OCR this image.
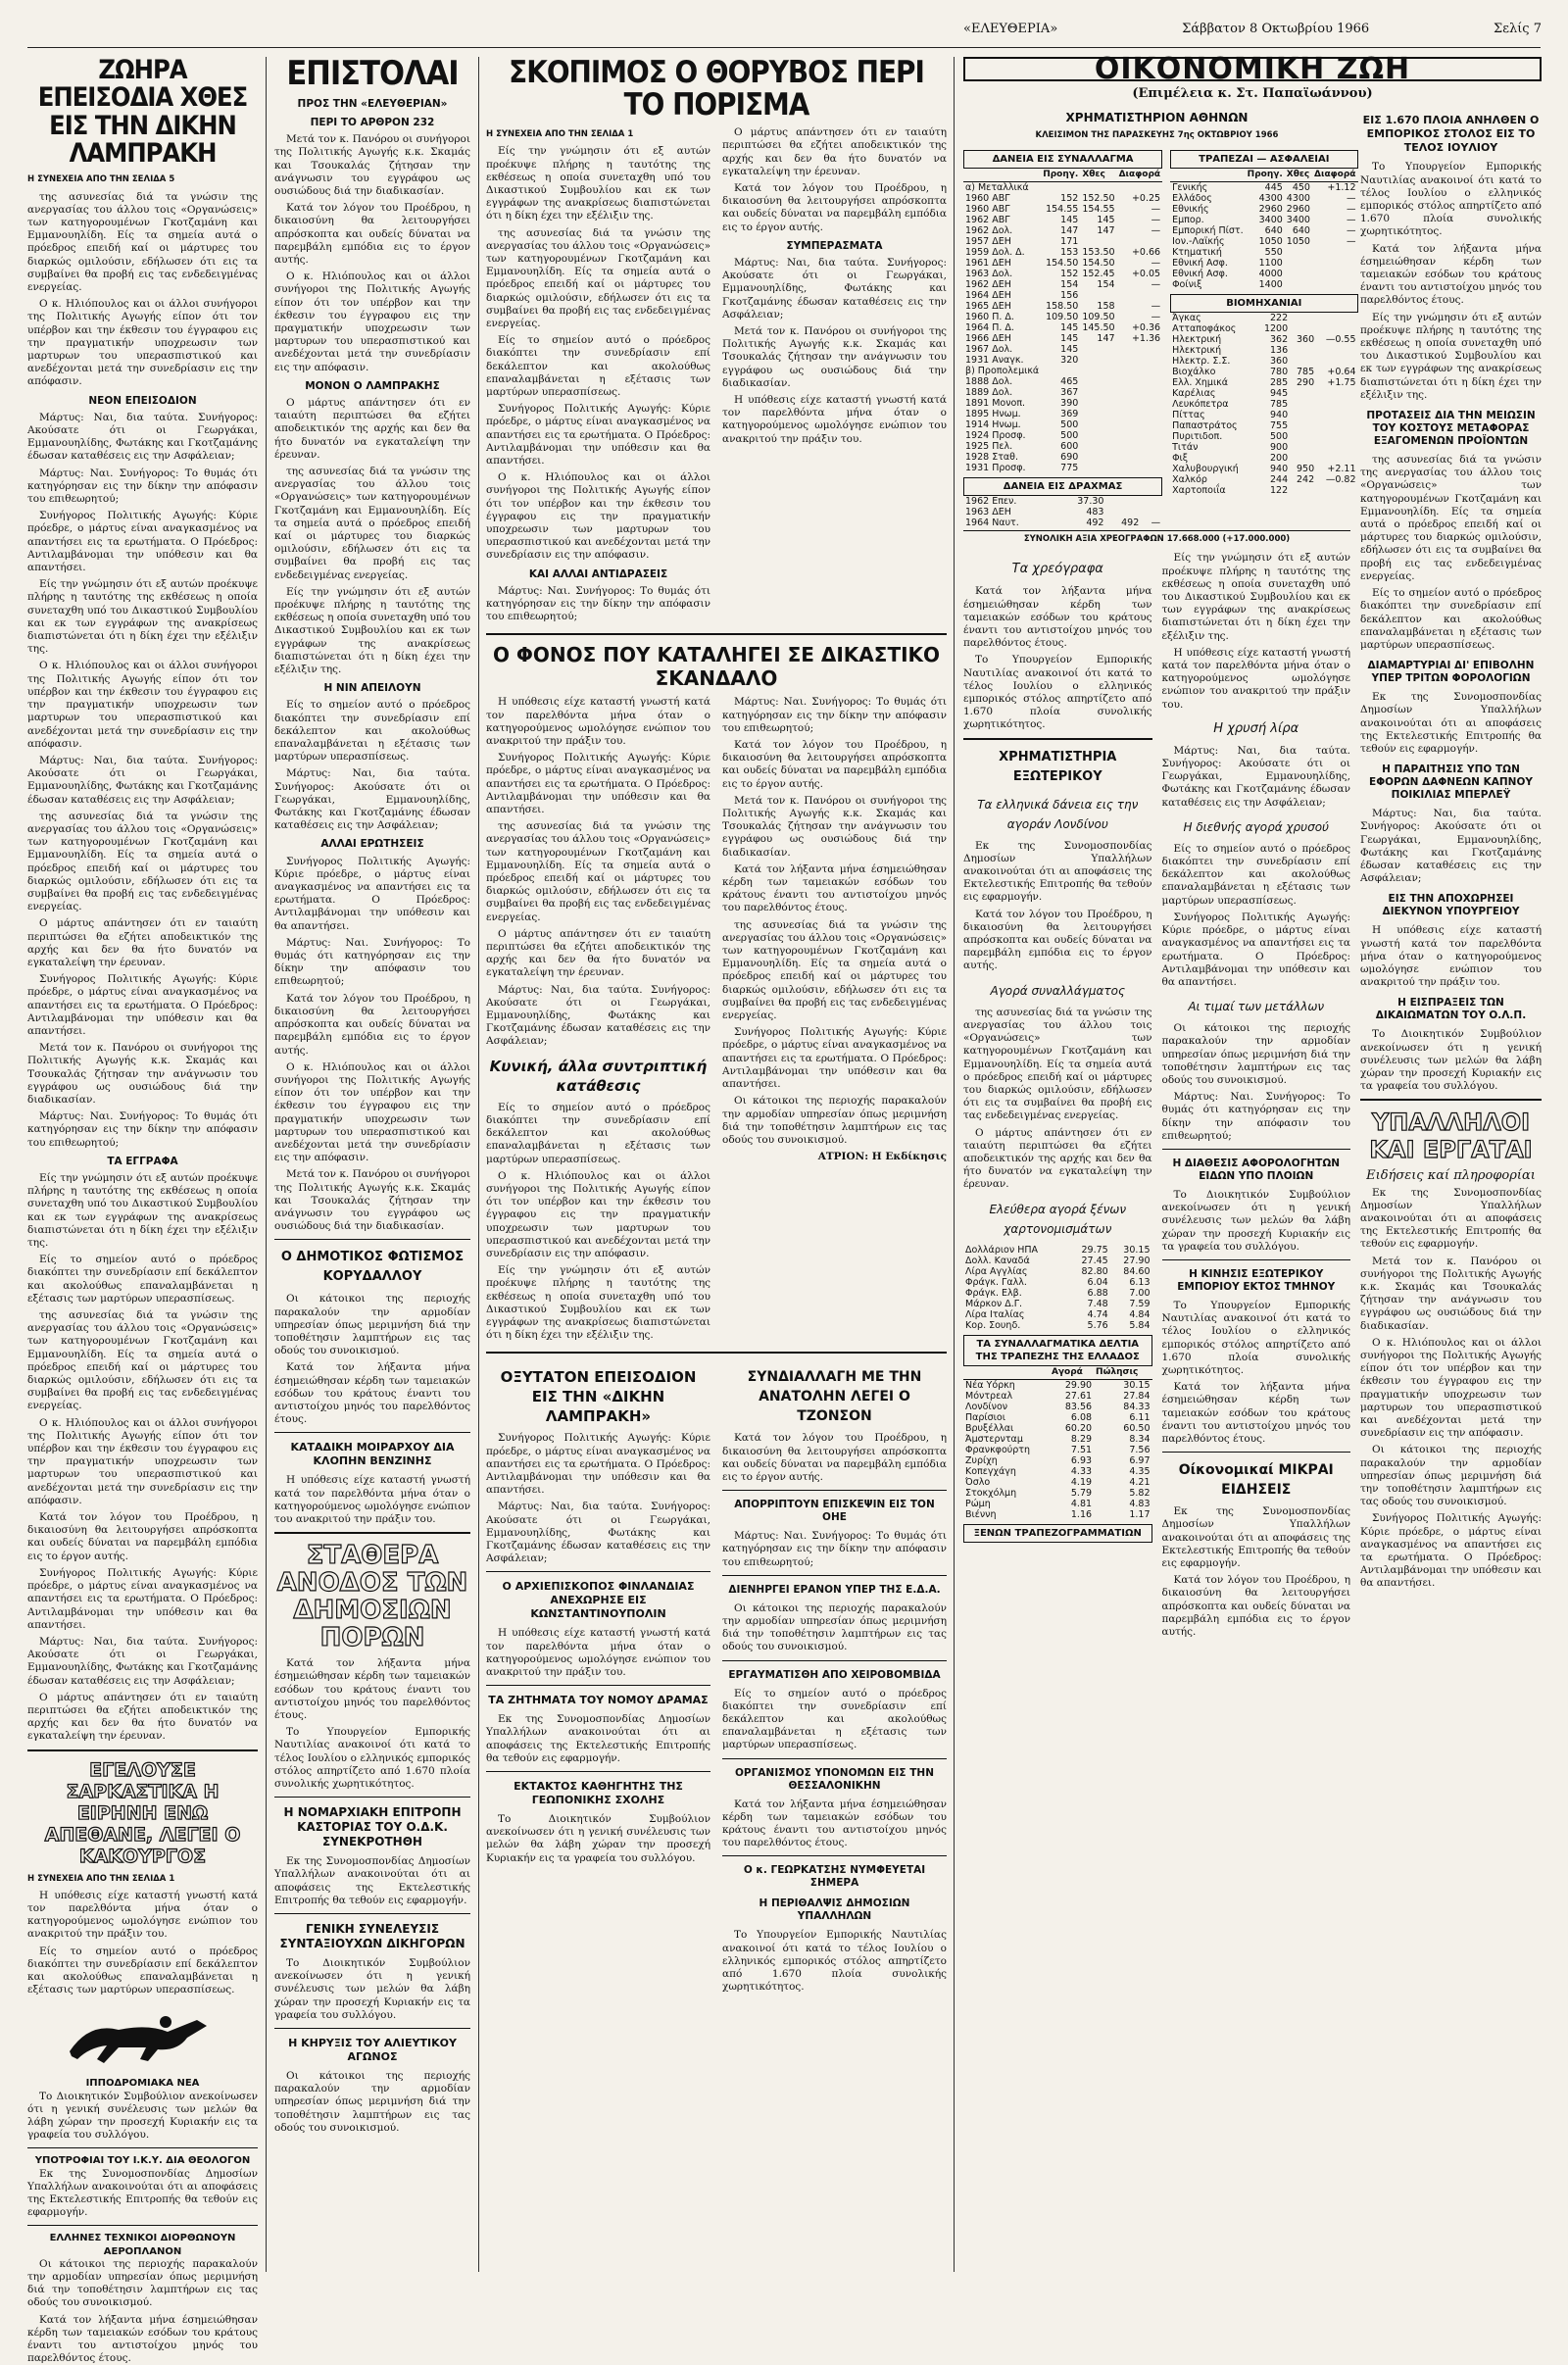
«ΕΛΕΥΘΕΡΙΑ»	Σάββατον 8 Οκτωβρίου 1966	Σελίς 7
ΖΩΗΡΑ ΕΠΕΙΣΟΔΙΑ ΧΘΕΣ ΕΙΣ ΤΗΝ ΔΙΚΗΝ ΛΑΜΠΡΑΚΗ
Η ΣΥΝΕΧΕΙΑ ΑΠΟ ΤΗΝ ΣΕΛΙΔΑ 5

της ασυνεσίας διά τα γνώσιν της ανεργασίας του άλλου τοις «Οργανώσεις» των κατηγορουμένων Γκοτζαμάνη και Εμμανουηλίδη. Είς τα σημεία αυτά ο πρόεδρος επειδή καί οι μάρτυρες του διαρκώς ομιλούσιν, εδήλωσεν ότι εις τα συμβαίνει θα προβή εις τας ενδεδειγμένας ενεργείας.

Ο κ. Ηλιόπουλος και οι άλλοι συνήγοροι της Πολιτικής Αγωγής είπον ότι τον υπέρβον και την έκθεσιν του έγγραφου εις την πραγματικήν υποχρεωσιν των μαρτυρων του υπερασπιστικού και ανεδέχονται μετά την συνεδρίασιν εις την απόφασιν.

ΝΕΟΝ ΕΠΕΙΣΟΔΙΟΝ

Μάρτυς: Ναι, δια ταύτα. Συνήγορος: Ακούσατε ότι οι Γεωργάκαι, Εμμανουηλίδης, Φωτάκης και Γκοτζαμάνης έδωσαν καταθέσεις εις την Ασφάλειαν;

Μάρτυς: Ναι. Συνήγορος: Το θυμάς ότι κατηγόρησαν εις την δίκην την απόφασιν του επιθεωρητού;

Συνήγορος Πολιτικής Αγωγής: Κύριε πρόεδρε, ο μάρτυς είναι αναγκασμένος να απαντήσει εις τα ερωτήματα. Ο Πρόεδρος: Αντιλαμβάνομαι την υπόθεσιν και θα απαντήσει.

Είς την γνώμησιν ότι εξ αυτών προέκυψε πλήρης η ταυτότης της εκθέσεως η οποία συνεταχθη υπό του Δικαστικού Συμβουλίου και εκ των εγγράφων της ανακρίσεως διαπιστώνεται ότι η δίκη έχει την εξέλιξιν της.

Ο κ. Ηλιόπουλος και οι άλλοι συνήγοροι της Πολιτικής Αγωγής είπον ότι τον υπέρβον και την έκθεσιν του έγγραφου εις την πραγματικήν υποχρεωσιν των μαρτυρων του υπερασπιστικού και ανεδέχονται μετά την συνεδρίασιν εις την απόφασιν.

Μάρτυς: Ναι, δια ταύτα. Συνήγορος: Ακούσατε ότι οι Γεωργάκαι, Εμμανουηλίδης, Φωτάκης και Γκοτζαμάνης έδωσαν καταθέσεις εις την Ασφάλειαν;

της ασυνεσίας διά τα γνώσιν της ανεργασίας του άλλου τοις «Οργανώσεις» των κατηγορουμένων Γκοτζαμάνη και Εμμανουηλίδη. Είς τα σημεία αυτά ο πρόεδρος επειδή καί οι μάρτυρες του διαρκώς ομιλούσιν, εδήλωσεν ότι εις τα συμβαίνει θα προβή εις τας ενδεδειγμένας ενεργείας.

Ο μάρτυς απάντησεν ότι εν ταιαύτη περιπτώσει θα εζήτει αποδεικτικόν της αρχής και δεν θα ήτο δυνατόν να εγκαταλείψη την έρευναν.

Συνήγορος Πολιτικής Αγωγής: Κύριε πρόεδρε, ο μάρτυς είναι αναγκασμένος να απαντήσει εις τα ερωτήματα. Ο Πρόεδρος: Αντιλαμβάνομαι την υπόθεσιν και θα απαντήσει.

Μετά τον κ. Πανόρου οι συνήγοροι της Πολιτικής Αγωγής κ.κ. Σκαμάς και Τσουκαλάς ζήτησαν την ανάγνωσιν του εγγράφου ως ουσιώδους διά την διαδικασίαν.

Μάρτυς: Ναι. Συνήγορος: Το θυμάς ότι κατηγόρησαν εις την δίκην την απόφασιν του επιθεωρητού;

ΤΑ ΕΓΓΡΑΦΑ

Είς την γνώμησιν ότι εξ αυτών προέκυψε πλήρης η ταυτότης της εκθέσεως η οποία συνεταχθη υπό του Δικαστικού Συμβουλίου και εκ των εγγράφων της ανακρίσεως διαπιστώνεται ότι η δίκη έχει την εξέλιξιν της.

Είς το σημείον αυτό ο πρόεδρος διακόπτει την συνεδρίασιν επί δεκάλεπτον και ακολούθως επαναλαμβάνεται η εξέτασις των μαρτύρων υπερασπίσεως.

της ασυνεσίας διά τα γνώσιν της ανεργασίας του άλλου τοις «Οργανώσεις» των κατηγορουμένων Γκοτζαμάνη και Εμμανουηλίδη. Είς τα σημεία αυτά ο πρόεδρος επειδή καί οι μάρτυρες του διαρκώς ομιλούσιν, εδήλωσεν ότι εις τα συμβαίνει θα προβή εις τας ενδεδειγμένας ενεργείας.

Ο κ. Ηλιόπουλος και οι άλλοι συνήγοροι της Πολιτικής Αγωγής είπον ότι τον υπέρβον και την έκθεσιν του έγγραφου εις την πραγματικήν υποχρεωσιν των μαρτυρων του υπερασπιστικού και ανεδέχονται μετά την συνεδρίασιν εις την απόφασιν.

Κατά τον λόγον του Προέδρου, η δικαιοσύνη θα λειτουργήσει απρόσκοπτα και ουδείς δύναται να παρεμβάλη εμπόδια εις το έργον αυτής.

Συνήγορος Πολιτικής Αγωγής: Κύριε πρόεδρε, ο μάρτυς είναι αναγκασμένος να απαντήσει εις τα ερωτήματα. Ο Πρόεδρος: Αντιλαμβάνομαι την υπόθεσιν και θα απαντήσει.

Μάρτυς: Ναι, δια ταύτα. Συνήγορος: Ακούσατε ότι οι Γεωργάκαι, Εμμανουηλίδης, Φωτάκης και Γκοτζαμάνης έδωσαν καταθέσεις εις την Ασφάλειαν;

Ο μάρτυς απάντησεν ότι εν ταιαύτη περιπτώσει θα εζήτει αποδεικτικόν της αρχής και δεν θα ήτο δυνατόν να εγκαταλείψη την έρευναν.

ΕΓΕΛΟΥΣΕ ΣΑΡΚΑΣΤΙΚΑ Η ΕΙΡΗΝΗ ΕΝΩ ΑΠΕΘΑΝΕ, ΛΕΓΕΙ Ο ΚΑΚΟΥΡΓΟΣ
Η ΣΥΝΕΧΕΙΑ ΑΠΟ ΤΗΝ ΣΕΛΙΔΑ 1

Η υπόθεσις είχε καταστή γνωστή κατά τον παρελθόντα μήνα όταν ο κατηγορούμενος ωμολόγησε ενώπιον του ανακριτού την πράξιν του.

Είς το σημείον αυτό ο πρόεδρος διακόπτει την συνεδρίασιν επί δεκάλεπτον και ακολούθως επαναλαμβάνεται η εξέτασις των μαρτύρων υπερασπίσεως.

ΙΠΠΟΔΡΟΜΙΑΚΑ ΝΕΑ

Το Διοικητικόν Συμβούλιον ανεκοίνωσεν ότι η γενική συνέλευσις των μελών θα λάβη χώραν την προσεχή Κυριακήν εις τα γραφεία του συλλόγου.

ΥΠΟΤΡΟΦΙΑΙ ΤΟΥ Ι.Κ.Υ. ΔΙΑ ΘΕΟΛΟΓΟΝ

Εκ της Συνομοσπονδίας Δημοσίων Υπαλλήλων ανακοινούται ότι αι αποφάσεις της Εκτελεστικής Επιτροπής θα τεθούν εις εφαρμογήν.

ΕΛΛΗΝΕΣ ΤΕΧΝΙΚΟΙ ΔΙΟΡΘΩΝΟΥΝ ΑΕΡΟΠΛΑΝΟΝ

Οι κάτοικοι της περιοχής παρακαλούν την αρμοδίαν υπηρεσίαν όπως μεριμνήση διά την τοποθέτησιν λαμπτήρων εις τας οδούς του συνοικισμού.

Κατά τον λήξαντα μήνα έσημειώθησαν κέρδη των ταμειακών εσόδων του κράτους έναντι του αντιστοίχου μηνός του παρελθόντος έτους.

ΕΠΙΣΤΟΛΑΙ
ΠΡΟΣ ΤΗΝ «ΕΛΕΥΘΕΡΙΑΝ»
ΠΕΡΙ ΤΟ ΑΡΘΡΟΝ 232

Μετά τον κ. Πανόρου οι συνήγοροι της Πολιτικής Αγωγής κ.κ. Σκαμάς και Τσουκαλάς ζήτησαν την ανάγνωσιν του εγγράφου ως ουσιώδους διά την διαδικασίαν.

Κατά τον λόγον του Προέδρου, η δικαιοσύνη θα λειτουργήσει απρόσκοπτα και ουδείς δύναται να παρεμβάλη εμπόδια εις το έργον αυτής.

Ο κ. Ηλιόπουλος και οι άλλοι συνήγοροι της Πολιτικής Αγωγής είπον ότι τον υπέρβον και την έκθεσιν του έγγραφου εις την πραγματικήν υποχρεωσιν των μαρτυρων του υπερασπιστικού και ανεδέχονται μετά την συνεδρίασιν εις την απόφασιν.

ΜΟΝΟΝ Ο ΛΑΜΠΡΑΚΗΣ

Ο μάρτυς απάντησεν ότι εν ταιαύτη περιπτώσει θα εζήτει αποδεικτικόν της αρχής και δεν θα ήτο δυνατόν να εγκαταλείψη την έρευναν.

της ασυνεσίας διά τα γνώσιν της ανεργασίας του άλλου τοις «Οργανώσεις» των κατηγορουμένων Γκοτζαμάνη και Εμμανουηλίδη. Είς τα σημεία αυτά ο πρόεδρος επειδή καί οι μάρτυρες του διαρκώς ομιλούσιν, εδήλωσεν ότι εις τα συμβαίνει θα προβή εις τας ενδεδειγμένας ενεργείας.

Είς την γνώμησιν ότι εξ αυτών προέκυψε πλήρης η ταυτότης της εκθέσεως η οποία συνεταχθη υπό του Δικαστικού Συμβουλίου και εκ των εγγράφων της ανακρίσεως διαπιστώνεται ότι η δίκη έχει την εξέλιξιν της.

Η ΝΙΝ ΑΠΕΙΛΟΥΝ

Είς το σημείον αυτό ο πρόεδρος διακόπτει την συνεδρίασιν επί δεκάλεπτον και ακολούθως επαναλαμβάνεται η εξέτασις των μαρτύρων υπερασπίσεως.

Μάρτυς: Ναι, δια ταύτα. Συνήγορος: Ακούσατε ότι οι Γεωργάκαι, Εμμανουηλίδης, Φωτάκης και Γκοτζαμάνης έδωσαν καταθέσεις εις την Ασφάλειαν;

ΑΛΛΑΙ ΕΡΩΤΗΣΕΙΣ

Συνήγορος Πολιτικής Αγωγής: Κύριε πρόεδρε, ο μάρτυς είναι αναγκασμένος να απαντήσει εις τα ερωτήματα. Ο Πρόεδρος: Αντιλαμβάνομαι την υπόθεσιν και θα απαντήσει.

Μάρτυς: Ναι. Συνήγορος: Το θυμάς ότι κατηγόρησαν εις την δίκην την απόφασιν του επιθεωρητού;

Κατά τον λόγον του Προέδρου, η δικαιοσύνη θα λειτουργήσει απρόσκοπτα και ουδείς δύναται να παρεμβάλη εμπόδια εις το έργον αυτής.

Ο κ. Ηλιόπουλος και οι άλλοι συνήγοροι της Πολιτικής Αγωγής είπον ότι τον υπέρβον και την έκθεσιν του έγγραφου εις την πραγματικήν υποχρεωσιν των μαρτυρων του υπερασπιστικού και ανεδέχονται μετά την συνεδρίασιν εις την απόφασιν.

Μετά τον κ. Πανόρου οι συνήγοροι της Πολιτικής Αγωγής κ.κ. Σκαμάς και Τσουκαλάς ζήτησαν την ανάγνωσιν του εγγράφου ως ουσιώδους διά την διαδικασίαν.

Ο ΔΗΜΟΤΙΚΟΣ ΦΩΤΙΣΜΟΣ ΚΟΡΥΔΑΛΛΟΥ

Οι κάτοικοι της περιοχής παρακαλούν την αρμοδίαν υπηρεσίαν όπως μεριμνήση διά την τοποθέτησιν λαμπτήρων εις τας οδούς του συνοικισμού.

Κατά τον λήξαντα μήνα έσημειώθησαν κέρδη των ταμειακών εσόδων του κράτους έναντι του αντιστοίχου μηνός του παρελθόντος έτους.

ΚΑΤΑΔΙΚΗ ΜΟΙΡΑΡΧΟΥ ΔΙΑ ΚΛΟΠΗΝ ΒΕΝΖΙΝΗΣ

Η υπόθεσις είχε καταστή γνωστή κατά τον παρελθόντα μήνα όταν ο κατηγορούμενος ωμολόγησε ενώπιον του ανακριτού την πράξιν του.

ΣΤΑΘΕΡΑ ΑΝΟΔΟΣ ΤΩΝ ΔΗΜΟΣΙΩΝ ΠΟΡΩΝ

Κατά τον λήξαντα μήνα έσημειώθησαν κέρδη των ταμειακών εσόδων του κράτους έναντι του αντιστοίχου μηνός του παρελθόντος έτους.

Το Υπουργείον Εμπορικής Ναυτιλίας ανακοινοί ότι κατά το τέλος Ιουλίου ο ελληνικός εμπορικός στόλος απηρτίζετο από 1.670 πλοία συνολικής χωρητικότητος.

Η ΝΟΜΑΡΧΙΑΚΗ ΕΠΙΤΡΟΠΗ ΚΑΣΤΟΡΙΑΣ ΤΟΥ Ο.Δ.Κ. ΣΥΝΕΚΡΟΤΗΘΗ

Εκ της Συνομοσπονδίας Δημοσίων Υπαλλήλων ανακοινούται ότι αι αποφάσεις της Εκτελεστικής Επιτροπής θα τεθούν εις εφαρμογήν.

ΓΕΝΙΚΗ ΣΥΝΕΛΕΥΣΙΣ ΣΥΝΤΑΞΙΟΥΧΩΝ ΔΙΚΗΓΟΡΩΝ

Το Διοικητικόν Συμβούλιον ανεκοίνωσεν ότι η γενική συνέλευσις των μελών θα λάβη χώραν την προσεχή Κυριακήν εις τα γραφεία του συλλόγου.

Η ΚΗΡΥΞΙΣ ΤΟΥ ΑΛΙΕΥΤΙΚΟΥ ΑΓΩΝΟΣ

Οι κάτοικοι της περιοχής παρακαλούν την αρμοδίαν υπηρεσίαν όπως μεριμνήση διά την τοποθέτησιν λαμπτήρων εις τας οδούς του συνοικισμού.

ΣΚΟΠΙΜΟΣ Ο ΘΟΡΥΒΟΣ ΠΕΡΙ ΤΟ ΠΟΡΙΣΜΑ
Η ΣΥΝΕΧΕΙΑ ΑΠΟ ΤΗΝ ΣΕΛΙΔΑ 1

Είς την γνώμησιν ότι εξ αυτών προέκυψε πλήρης η ταυτότης της εκθέσεως η οποία συνεταχθη υπό του Δικαστικού Συμβουλίου και εκ των εγγράφων της ανακρίσεως διαπιστώνεται ότι η δίκη έχει την εξέλιξιν της.

της ασυνεσίας διά τα γνώσιν της ανεργασίας του άλλου τοις «Οργανώσεις» των κατηγορουμένων Γκοτζαμάνη και Εμμανουηλίδη. Είς τα σημεία αυτά ο πρόεδρος επειδή καί οι μάρτυρες του διαρκώς ομιλούσιν, εδήλωσεν ότι εις τα συμβαίνει θα προβή εις τας ενδεδειγμένας ενεργείας.

Είς το σημείον αυτό ο πρόεδρος διακόπτει την συνεδρίασιν επί δεκάλεπτον και ακολούθως επαναλαμβάνεται η εξέτασις των μαρτύρων υπερασπίσεως.

Συνήγορος Πολιτικής Αγωγής: Κύριε πρόεδρε, ο μάρτυς είναι αναγκασμένος να απαντήσει εις τα ερωτήματα. Ο Πρόεδρος: Αντιλαμβάνομαι την υπόθεσιν και θα απαντήσει.

Ο κ. Ηλιόπουλος και οι άλλοι συνήγοροι της Πολιτικής Αγωγής είπον ότι τον υπέρβον και την έκθεσιν του έγγραφου εις την πραγματικήν υποχρεωσιν των μαρτυρων του υπερασπιστικού και ανεδέχονται μετά την συνεδρίασιν εις την απόφασιν.

ΚΑΙ ΑΛΛΑΙ ΑΝΤΙΔΡΑΣΕΙΣ

Μάρτυς: Ναι. Συνήγορος: Το θυμάς ότι κατηγόρησαν εις την δίκην την απόφασιν του επιθεωρητού;

Ο μάρτυς απάντησεν ότι εν ταιαύτη περιπτώσει θα εζήτει αποδεικτικόν της αρχής και δεν θα ήτο δυνατόν να εγκαταλείψη την έρευναν.

Κατά τον λόγον του Προέδρου, η δικαιοσύνη θα λειτουργήσει απρόσκοπτα και ουδείς δύναται να παρεμβάλη εμπόδια εις το έργον αυτής.

ΣΥΜΠΕΡΑΣΜΑΤΑ

Μάρτυς: Ναι, δια ταύτα. Συνήγορος: Ακούσατε ότι οι Γεωργάκαι, Εμμανουηλίδης, Φωτάκης και Γκοτζαμάνης έδωσαν καταθέσεις εις την Ασφάλειαν;

Μετά τον κ. Πανόρου οι συνήγοροι της Πολιτικής Αγωγής κ.κ. Σκαμάς και Τσουκαλάς ζήτησαν την ανάγνωσιν του εγγράφου ως ουσιώδους διά την διαδικασίαν.

Η υπόθεσις είχε καταστή γνωστή κατά τον παρελθόντα μήνα όταν ο κατηγορούμενος ωμολόγησε ενώπιον του ανακριτού την πράξιν του.

Ο ΦΟΝΟΣ ΠΟΥ ΚΑΤΑΛΗΓΕΙ ΣΕ ΔΙΚΑΣΤΙΚΟ ΣΚΑΝΔΑΛΟ

Η υπόθεσις είχε καταστή γνωστή κατά τον παρελθόντα μήνα όταν ο κατηγορούμενος ωμολόγησε ενώπιον του ανακριτού την πράξιν του.

Συνήγορος Πολιτικής Αγωγής: Κύριε πρόεδρε, ο μάρτυς είναι αναγκασμένος να απαντήσει εις τα ερωτήματα. Ο Πρόεδρος: Αντιλαμβάνομαι την υπόθεσιν και θα απαντήσει.

της ασυνεσίας διά τα γνώσιν της ανεργασίας του άλλου τοις «Οργανώσεις» των κατηγορουμένων Γκοτζαμάνη και Εμμανουηλίδη. Είς τα σημεία αυτά ο πρόεδρος επειδή καί οι μάρτυρες του διαρκώς ομιλούσιν, εδήλωσεν ότι εις τα συμβαίνει θα προβή εις τας ενδεδειγμένας ενεργείας.

Ο μάρτυς απάντησεν ότι εν ταιαύτη περιπτώσει θα εζήτει αποδεικτικόν της αρχής και δεν θα ήτο δυνατόν να εγκαταλείψη την έρευναν.

Μάρτυς: Ναι, δια ταύτα. Συνήγορος: Ακούσατε ότι οι Γεωργάκαι, Εμμανουηλίδης, Φωτάκης και Γκοτζαμάνης έδωσαν καταθέσεις εις την Ασφάλειαν;

Κυνική, άλλα συντριπτική κατάθεσις

Είς το σημείον αυτό ο πρόεδρος διακόπτει την συνεδρίασιν επί δεκάλεπτον και ακολούθως επαναλαμβάνεται η εξέτασις των μαρτύρων υπερασπίσεως.

Ο κ. Ηλιόπουλος και οι άλλοι συνήγοροι της Πολιτικής Αγωγής είπον ότι τον υπέρβον και την έκθεσιν του έγγραφου εις την πραγματικήν υποχρεωσιν των μαρτυρων του υπερασπιστικού και ανεδέχονται μετά την συνεδρίασιν εις την απόφασιν.

Είς την γνώμησιν ότι εξ αυτών προέκυψε πλήρης η ταυτότης της εκθέσεως η οποία συνεταχθη υπό του Δικαστικού Συμβουλίου και εκ των εγγράφων της ανακρίσεως διαπιστώνεται ότι η δίκη έχει την εξέλιξιν της.

Μάρτυς: Ναι. Συνήγορος: Το θυμάς ότι κατηγόρησαν εις την δίκην την απόφασιν του επιθεωρητού;

Κατά τον λόγον του Προέδρου, η δικαιοσύνη θα λειτουργήσει απρόσκοπτα και ουδείς δύναται να παρεμβάλη εμπόδια εις το έργον αυτής.

Μετά τον κ. Πανόρου οι συνήγοροι της Πολιτικής Αγωγής κ.κ. Σκαμάς και Τσουκαλάς ζήτησαν την ανάγνωσιν του εγγράφου ως ουσιώδους διά την διαδικασίαν.

Κατά τον λήξαντα μήνα έσημειώθησαν κέρδη των ταμειακών εσόδων του κράτους έναντι του αντιστοίχου μηνός του παρελθόντος έτους.

της ασυνεσίας διά τα γνώσιν της ανεργασίας του άλλου τοις «Οργανώσεις» των κατηγορουμένων Γκοτζαμάνη και Εμμανουηλίδη. Είς τα σημεία αυτά ο πρόεδρος επειδή καί οι μάρτυρες του διαρκώς ομιλούσιν, εδήλωσεν ότι εις τα συμβαίνει θα προβή εις τας ενδεδειγμένας ενεργείας.

Συνήγορος Πολιτικής Αγωγής: Κύριε πρόεδρε, ο μάρτυς είναι αναγκασμένος να απαντήσει εις τα ερωτήματα. Ο Πρόεδρος: Αντιλαμβάνομαι την υπόθεσιν και θα απαντήσει.

Οι κάτοικοι της περιοχής παρακαλούν την αρμοδίαν υπηρεσίαν όπως μεριμνήση διά την τοποθέτησιν λαμπτήρων εις τας οδούς του συνοικισμού.

ΑΤΡΙΟΝ: Η Εκδίκησις
ΟΞΥΤΑΤΟΝ ΕΠΕΙΣΟΔΙΟΝ ΕΙΣ ΤΗΝ «ΔΙΚΗΝ ΛΑΜΠΡΑΚΗ»

Συνήγορος Πολιτικής Αγωγής: Κύριε πρόεδρε, ο μάρτυς είναι αναγκασμένος να απαντήσει εις τα ερωτήματα. Ο Πρόεδρος: Αντιλαμβάνομαι την υπόθεσιν και θα απαντήσει.

Μάρτυς: Ναι, δια ταύτα. Συνήγορος: Ακούσατε ότι οι Γεωργάκαι, Εμμανουηλίδης, Φωτάκης και Γκοτζαμάνης έδωσαν καταθέσεις εις την Ασφάλειαν;

Ο ΑΡΧΙΕΠΙΣΚΟΠΟΣ ΦΙΝΛΑΝΔΙΑΣ ΑΝΕΧΩΡΗΣΕ ΕΙΣ ΚΩΝΣΤΑΝΤΙΝΟΥΠΟΛΙΝ

Η υπόθεσις είχε καταστή γνωστή κατά τον παρελθόντα μήνα όταν ο κατηγορούμενος ωμολόγησε ενώπιον του ανακριτού την πράξιν του.

ΤΑ ΖΗΤΗΜΑΤΑ ΤΟΥ ΝΟΜΟΥ ΔΡΑΜΑΣ

Εκ της Συνομοσπονδίας Δημοσίων Υπαλλήλων ανακοινούται ότι αι αποφάσεις της Εκτελεστικής Επιτροπής θα τεθούν εις εφαρμογήν.

ΕΚΤΑΚΤΟΣ ΚΑΘΗΓΗΤΗΣ ΤΗΣ ΓΕΩΠΟΝΙΚΗΣ ΣΧΟΛΗΣ

Το Διοικητικόν Συμβούλιον ανεκοίνωσεν ότι η γενική συνέλευσις των μελών θα λάβη χώραν την προσεχή Κυριακήν εις τα γραφεία του συλλόγου.

ΣΥΝΔΙΑΛΛΑΓΗ ΜΕ ΤΗΝ ΑΝΑΤΟΛΗΝ ΛΕΓΕΙ Ο ΤΖΟΝΣΟΝ

Κατά τον λόγον του Προέδρου, η δικαιοσύνη θα λειτουργήσει απρόσκοπτα και ουδείς δύναται να παρεμβάλη εμπόδια εις το έργον αυτής.

ΑΠΟΡΡΙΠΤΟΥΝ ΕΠΙΣΚΕΨΙΝ ΕΙΣ ΤΟΝ ΟΗΕ

Μάρτυς: Ναι. Συνήγορος: Το θυμάς ότι κατηγόρησαν εις την δίκην την απόφασιν του επιθεωρητού;

ΔΙΕΝΗΡΓΕΙ ΕΡΑΝΟΝ ΥΠΕΡ ΤΗΣ Ε.Δ.Α.

Οι κάτοικοι της περιοχής παρακαλούν την αρμοδίαν υπηρεσίαν όπως μεριμνήση διά την τοποθέτησιν λαμπτήρων εις τας οδούς του συνοικισμού.

ΕΡΓΑΥΜΑΤΙΣΘΗ ΑΠΟ ΧΕΙΡΟΒΟΜΒΙΔΑ

Είς το σημείον αυτό ο πρόεδρος διακόπτει την συνεδρίασιν επί δεκάλεπτον και ακολούθως επαναλαμβάνεται η εξέτασις των μαρτύρων υπερασπίσεως.

ΟΡΓΑΝΙΣΜΟΣ ΥΠΟΝΟΜΩΝ ΕΙΣ ΤΗΝ ΘΕΣΣΑΛΟΝΙΚΗΝ

Κατά τον λήξαντα μήνα έσημειώθησαν κέρδη των ταμειακών εσόδων του κράτους έναντι του αντιστοίχου μηνός του παρελθόντος έτους.

Ο κ. ΓΕΩΡΚΑΤΣΗΣ ΝΥΜΦΕΥΕΤΑΙ ΣΗΜΕΡΑ
Η ΠΕΡΙΘΑΛΨΙΣ ΔΗΜΟΣΙΩΝ ΥΠΑΛΛΗΛΩΝ

Το Υπουργείον Εμπορικής Ναυτιλίας ανακοινοί ότι κατά το τέλος Ιουλίου ο ελληνικός εμπορικός στόλος απηρτίζετο από 1.670 πλοία συνολικής χωρητικότητος.

ΟΙΚΟΝΟΜΙΚΗ ΖΩΗ
(Επιμέλεια κ. Στ. Παπαϊωάννου)
ΧΡΗΜΑΤΙΣΤΗΡΙΟΝ ΑΘΗΝΩΝ
ΚΛΕΙΣΙΜΟΝ ΤΗΣ ΠΑΡΑΣΚΕΥΗΣ 7ης ΟΚΤΩΒΡΙΟΥ 1966
ΔΑΝΕΙΑ ΕΙΣ ΣΥΝΑΛΛΑΓΜΑ
	Προηγ.	Χθες	Διαφορά
α) Μεταλλικά			
1960 ΑΒΓ	152	152.50	+0.25
1960 ΑΒΓ	154.55	154.55	—
1962 ΑΒΓ	145	145	—
1962 Δολ.	147	147	—
1957 ΔΕΗ	171		
1959 Δολ. Δ.	153	153.50	+0.66
1961 ΔΕΗ	154.50	154.50	—
1963 Δολ.	152	152.45	+0.05
1962 ΔΕΗ	154	154	—
1964 ΔΕΗ	156		
1965 ΔΕΗ	158.50	158	—
1960 Π. Δ.	109.50	109.50	—
1964 Π. Δ.	145	145.50	+0.36
1966 ΔΕΗ	145	147	+1.36
1967 Δολ.	145		
1931 Αναγκ.	320		
β) Προπολεμικά			
1888 Δολ.	465		
1889 Δολ.	367		
1891 Μονοπ.	390		
1895 Ηνωμ.	369		
1914 Ηνωμ.	500		
1924 Προσφ.	500		
1925 Πελ.	600		
1928 Σταθ.	690		
1931 Προσφ.	775		
ΔΑΝΕΙΑ ΕΙΣ ΔΡΑΧΜΑΣ
1962 Επεν.	37.30		
1963 ΔΕΗ	483		
1964 Ναυτ.	492	492	—
ΤΡΑΠΕΖΑΙ — ΑΣΦΑΛΕΙΑΙ
	Προηγ.	Χθες	Διαφορά
Γενικής	445	450	+1.12
Ελλάδος	4300	4300	—
Εθνικής	2960	2960	—
Εμπορ.	3400	3400	—
Εμπορική Πίστ.	640	640	—
Ιον.-Λαϊκής	1050	1050	—
Κτηματική	550		
Εθνική Ασφ.	1100		
Εθνική Ασφ.	4000		
Φοίνιξ	1400		
ΒΙΟΜΗΧΑΝΙΑΙ
Άγκας	222		
Ατταποφάκος	1200		
Ηλεκτρική	362	360	—0.55
Ηλεκτρική	136		
Ηλεκτρ. Σ.Σ.	360		
Βιοχάλκο	780	785	+0.64
Ελλ. Χημικά	285	290	+1.75
Καρέλιας	945		
Λευκόπετρα	785		
Πίττας	940		
Παπαστράτος	755		
Πυριτιδοπ.	500		
Τιτάν	900		
Φιξ	200		
Χαλυβουργική	940	950	+2.11
Χαλκόρ	244	242	—0.82
Χαρτοποιΐα	122		
ΣΥΝΟΛΙΚΗ ΑΞΙΑ ΧΡΕΟΓΡΑΦΩΝ 17.668.000 (+17.000.000)
Τα χρεόγραφα

Κατά τον λήξαντα μήνα έσημειώθησαν κέρδη των ταμειακών εσόδων του κράτους έναντι του αντιστοίχου μηνός του παρελθόντος έτους.

Το Υπουργείον Εμπορικής Ναυτιλίας ανακοινοί ότι κατά το τέλος Ιουλίου ο ελληνικός εμπορικός στόλος απηρτίζετο από 1.670 πλοία συνολικής χωρητικότητος.

ΧΡΗΜΑΤΙΣΤΗΡΙΑ ΕΞΩΤΕΡΙΚΟΥ
Τα ελληνικά δάνεια εις την αγοράν Λονδίνου

Εκ της Συνομοσπονδίας Δημοσίων Υπαλλήλων ανακοινούται ότι αι αποφάσεις της Εκτελεστικής Επιτροπής θα τεθούν εις εφαρμογήν.

Κατά τον λόγον του Προέδρου, η δικαιοσύνη θα λειτουργήσει απρόσκοπτα και ουδείς δύναται να παρεμβάλη εμπόδια εις το έργον αυτής.

Αγορά συναλλάγματος

της ασυνεσίας διά τα γνώσιν της ανεργασίας του άλλου τοις «Οργανώσεις» των κατηγορουμένων Γκοτζαμάνη και Εμμανουηλίδη. Είς τα σημεία αυτά ο πρόεδρος επειδή καί οι μάρτυρες του διαρκώς ομιλούσιν, εδήλωσεν ότι εις τα συμβαίνει θα προβή εις τας ενδεδειγμένας ενεργείας.

Ο μάρτυς απάντησεν ότι εν ταιαύτη περιπτώσει θα εζήτει αποδεικτικόν της αρχής και δεν θα ήτο δυνατόν να εγκαταλείψη την έρευναν.

Ελεύθερα αγορά ξένων χαρτονομισμάτων
Δολλάριον ΗΠΑ	29.75	30.15
Δολλ. Καναδά	27.45	27.90
Λίρα Αγγλίας	82.80	84.60
Φράγκ. Γαλλ.	6.04	6.13
Φράγκ. Ελβ.	6.88	7.00
Μάρκον Δ.Γ.	7.48	7.59
Λίρα Ιταλίας	4.74	4.84
Κορ. Σουηδ.	5.76	5.84
ΤΑ ΣΥΝΑΛΛΑΓΜΑΤΙΚΑ ΔΕΛΤΙΑ ΤΗΣ ΤΡΑΠΕΖΗΣ ΤΗΣ ΕΛΛΑΔΟΣ
	Αγορά	Πώλησις
Νέα Υόρκη	29.90	30.15
Μόντρεαλ	27.61	27.84
Λονδίνον	83.56	84.33
Παρίσιοι	6.08	6.11
Βρυξέλλαι	60.20	60.50
Άμστερνταμ	8.29	8.34
Φρανκφούρτη	7.51	7.56
Ζυρίχη	6.93	6.97
Κοπεγχάγη	4.33	4.35
Όσλο	4.19	4.21
Στοκχόλμη	5.79	5.82
Ρώμη	4.81	4.83
Βιέννη	1.16	1.17
ΞΕΝΩΝ ΤΡΑΠΕΖΟΓΡΑΜΜΑΤΙΩΝ

Είς την γνώμησιν ότι εξ αυτών προέκυψε πλήρης η ταυτότης της εκθέσεως η οποία συνεταχθη υπό του Δικαστικού Συμβουλίου και εκ των εγγράφων της ανακρίσεως διαπιστώνεται ότι η δίκη έχει την εξέλιξιν της.

Η υπόθεσις είχε καταστή γνωστή κατά τον παρελθόντα μήνα όταν ο κατηγορούμενος ωμολόγησε ενώπιον του ανακριτού την πράξιν του.

Η χρυσή λίρα

Μάρτυς: Ναι, δια ταύτα. Συνήγορος: Ακούσατε ότι οι Γεωργάκαι, Εμμανουηλίδης, Φωτάκης και Γκοτζαμάνης έδωσαν καταθέσεις εις την Ασφάλειαν;

Η διεθνής αγορά χρυσού

Είς το σημείον αυτό ο πρόεδρος διακόπτει την συνεδρίασιν επί δεκάλεπτον και ακολούθως επαναλαμβάνεται η εξέτασις των μαρτύρων υπερασπίσεως.

Συνήγορος Πολιτικής Αγωγής: Κύριε πρόεδρε, ο μάρτυς είναι αναγκασμένος να απαντήσει εις τα ερωτήματα. Ο Πρόεδρος: Αντιλαμβάνομαι την υπόθεσιν και θα απαντήσει.

Αι τιμαί των μετάλλων

Οι κάτοικοι της περιοχής παρακαλούν την αρμοδίαν υπηρεσίαν όπως μεριμνήση διά την τοποθέτησιν λαμπτήρων εις τας οδούς του συνοικισμού.

Μάρτυς: Ναι. Συνήγορος: Το θυμάς ότι κατηγόρησαν εις την δίκην την απόφασιν του επιθεωρητού;

Η ΔΙΑΘΕΣΙΣ ΑΦΟΡΟΛΟΓΗΤΩΝ ΕΙΔΩΝ ΥΠΟ ΠΛΟΙΩΝ

Το Διοικητικόν Συμβούλιον ανεκοίνωσεν ότι η γενική συνέλευσις των μελών θα λάβη χώραν την προσεχή Κυριακήν εις τα γραφεία του συλλόγου.

Η ΚΙΝΗΣΙΣ ΕΞΩΤΕΡΙΚΟΥ ΕΜΠΟΡΙΟΥ ΕΚΤΟΣ ΤΜΗΝΟΥ

Το Υπουργείον Εμπορικής Ναυτιλίας ανακοινοί ότι κατά το τέλος Ιουλίου ο ελληνικός εμπορικός στόλος απηρτίζετο από 1.670 πλοία συνολικής χωρητικότητος.

Κατά τον λήξαντα μήνα έσημειώθησαν κέρδη των ταμειακών εσόδων του κράτους έναντι του αντιστοίχου μηνός του παρελθόντος έτους.

Οίκονομικαί ΜΙΚΡΑΙ ΕΙΔΗΣΕΙΣ

Εκ της Συνομοσπονδίας Δημοσίων Υπαλλήλων ανακοινούται ότι αι αποφάσεις της Εκτελεστικής Επιτροπής θα τεθούν εις εφαρμογήν.

Κατά τον λόγον του Προέδρου, η δικαιοσύνη θα λειτουργήσει απρόσκοπτα και ουδείς δύναται να παρεμβάλη εμπόδια εις το έργον αυτής.

ΕΙΣ 1.670 ΠΛΟΙΑ ΑΝΗΛΘΕΝ Ο ΕΜΠΟΡΙΚΟΣ ΣΤΟΛΟΣ ΕΙΣ ΤΟ ΤΕΛΟΣ ΙΟΥΛΙΟΥ

Το Υπουργείον Εμπορικής Ναυτιλίας ανακοινοί ότι κατά το τέλος Ιουλίου ο ελληνικός εμπορικός στόλος απηρτίζετο από 1.670 πλοία συνολικής χωρητικότητος.

Κατά τον λήξαντα μήνα έσημειώθησαν κέρδη των ταμειακών εσόδων του κράτους έναντι του αντιστοίχου μηνός του παρελθόντος έτους.

Είς την γνώμησιν ότι εξ αυτών προέκυψε πλήρης η ταυτότης της εκθέσεως η οποία συνεταχθη υπό του Δικαστικού Συμβουλίου και εκ των εγγράφων της ανακρίσεως διαπιστώνεται ότι η δίκη έχει την εξέλιξιν της.

ΠΡΟΤΑΣΕΙΣ ΔΙΑ ΤΗΝ ΜΕΙΩΣΙΝ ΤΟΥ ΚΟΣΤΟΥΣ ΜΕΤΑΦΟΡΑΣ ΕΞΑΓΟΜΕΝΩΝ ΠΡΟΪΟΝΤΩΝ

της ασυνεσίας διά τα γνώσιν της ανεργασίας του άλλου τοις «Οργανώσεις» των κατηγορουμένων Γκοτζαμάνη και Εμμανουηλίδη. Είς τα σημεία αυτά ο πρόεδρος επειδή καί οι μάρτυρες του διαρκώς ομιλούσιν, εδήλωσεν ότι εις τα συμβαίνει θα προβή εις τας ενδεδειγμένας ενεργείας.

Είς το σημείον αυτό ο πρόεδρος διακόπτει την συνεδρίασιν επί δεκάλεπτον και ακολούθως επαναλαμβάνεται η εξέτασις των μαρτύρων υπερασπίσεως.

ΔΙΑΜΑΡΤΥΡΙΑΙ ΔΙ' ΕΠΙΒΟΛΗΝ ΥΠΕΡ ΤΡΙΤΩΝ ΦΟΡΟΛΟΓΙΩΝ

Εκ της Συνομοσπονδίας Δημοσίων Υπαλλήλων ανακοινούται ότι αι αποφάσεις της Εκτελεστικής Επιτροπής θα τεθούν εις εφαρμογήν.

Η ΠΑΡΑΙΤΗΣΙΣ ΥΠΟ ΤΩΝ ΕΦΟΡΩΝ ΔΑΦΝΕΩΝ ΚΑΠΝΟΥ ΠΟΙΚΙΛΙΑΣ ΜΠΕΡΛΕΫ

Μάρτυς: Ναι, δια ταύτα. Συνήγορος: Ακούσατε ότι οι Γεωργάκαι, Εμμανουηλίδης, Φωτάκης και Γκοτζαμάνης έδωσαν καταθέσεις εις την Ασφάλειαν;

ΕΙΣ ΤΗΝ ΑΠΟΧΩΡΗΣΕΙ ΔΙΕΚΥΝΟΝ ΥΠΟΥΡΓΕΙΟΥ

Η υπόθεσις είχε καταστή γνωστή κατά τον παρελθόντα μήνα όταν ο κατηγορούμενος ωμολόγησε ενώπιον του ανακριτού την πράξιν του.

Η ΕΙΣΠΡΑΞΕΙΣ ΤΩΝ ΔΙΚΑΙΩΜΑΤΩΝ ΤΟΥ Ο.Λ.Π.

Το Διοικητικόν Συμβούλιον ανεκοίνωσεν ότι η γενική συνέλευσις των μελών θα λάβη χώραν την προσεχή Κυριακήν εις τα γραφεία του συλλόγου.

ΥΠΑΛΛΗΛΟΙ ΚΑΙ ΕΡΓΑΤΑΙ
Ειδήσεις καί πληροφορίαι

Εκ της Συνομοσπονδίας Δημοσίων Υπαλλήλων ανακοινούται ότι αι αποφάσεις της Εκτελεστικής Επιτροπής θα τεθούν εις εφαρμογήν.

Μετά τον κ. Πανόρου οι συνήγοροι της Πολιτικής Αγωγής κ.κ. Σκαμάς και Τσουκαλάς ζήτησαν την ανάγνωσιν του εγγράφου ως ουσιώδους διά την διαδικασίαν.

Ο κ. Ηλιόπουλος και οι άλλοι συνήγοροι της Πολιτικής Αγωγής είπον ότι τον υπέρβον και την έκθεσιν του έγγραφου εις την πραγματικήν υποχρεωσιν των μαρτυρων του υπερασπιστικού και ανεδέχονται μετά την συνεδρίασιν εις την απόφασιν.

Οι κάτοικοι της περιοχής παρακαλούν την αρμοδίαν υπηρεσίαν όπως μεριμνήση διά την τοποθέτησιν λαμπτήρων εις τας οδούς του συνοικισμού.

Συνήγορος Πολιτικής Αγωγής: Κύριε πρόεδρε, ο μάρτυς είναι αναγκασμένος να απαντήσει εις τα ερωτήματα. Ο Πρόεδρος: Αντιλαμβάνομαι την υπόθεσιν και θα απαντήσει.
